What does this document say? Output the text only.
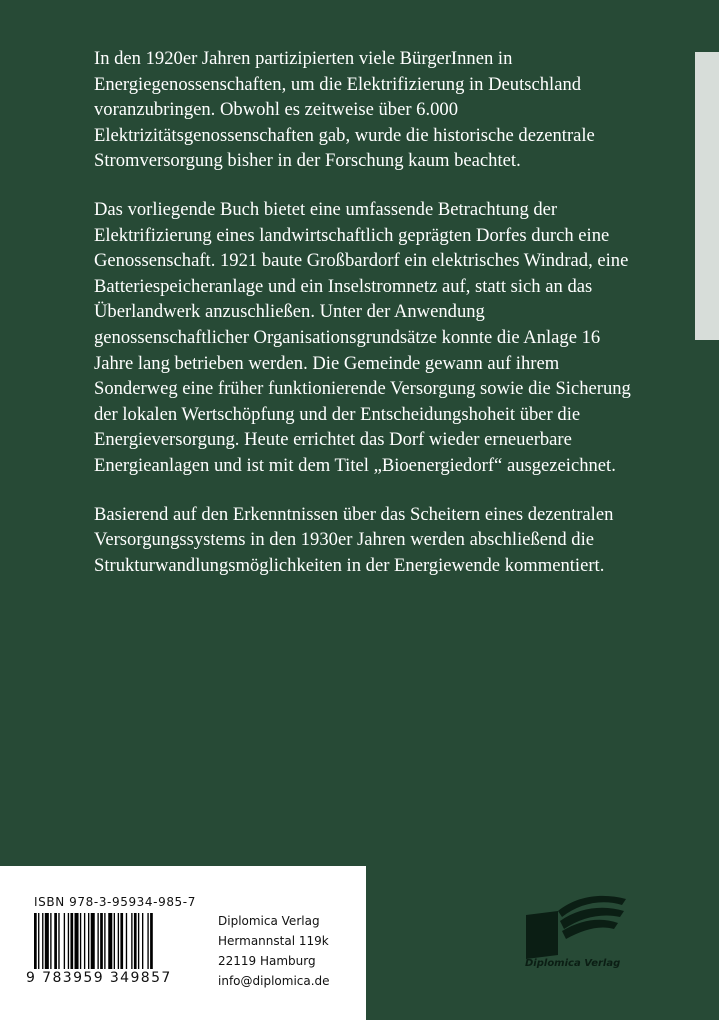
In den 1920er Jahren partizipierten viele BürgerInnen in Energiegenossenschaften, um die Elektrifizierung in Deutschland voranzubringen. Obwohl es zeitweise über 6.000 Elektrizitätsgenossenschaften gab, wurde die historische dezentrale Stromversorgung bisher in der Forschung kaum beachtet.

Das vorliegende Buch bietet eine umfassende Betrachtung der Elektrifizierung eines landwirtschaftlich geprägten Dorfes durch eine Genossenschaft. 1921 baute Großbardorf ein elektrisches Windrad, eine Batteriespeicheranlage und ein Inselstromnetz auf, statt sich an das Überlandwerk anzuschließen. Unter der Anwendung genossenschaftlicher Organisationsgrundsätze konnte die Anlage 16 Jahre lang betrieben werden. Die Gemeinde gewann auf ihrem Sonderweg eine früher funktionierende Versorgung sowie die Sicherung der lokalen Wertschöpfung und der Entscheidungshoheit über die Energieversorgung. Heute errichtet das Dorf wieder erneuerbare Energieanlagen und ist mit dem Titel „Bioenergiedorf“ ausgezeichnet.

Basierend auf den Erkenntnissen über das Scheitern eines dezentralen Versorgungssystems in den 1930er Jahren werden abschließend die Strukturwandlungsmöglichkeiten in der Energiewende kommentiert.

ISBN 978-3-95934-985-7
9 783959 349857
Diplomica Verlag
Hermannstal 119k
22119 Hamburg
info@diplomica.de
Diplomica Verlag
